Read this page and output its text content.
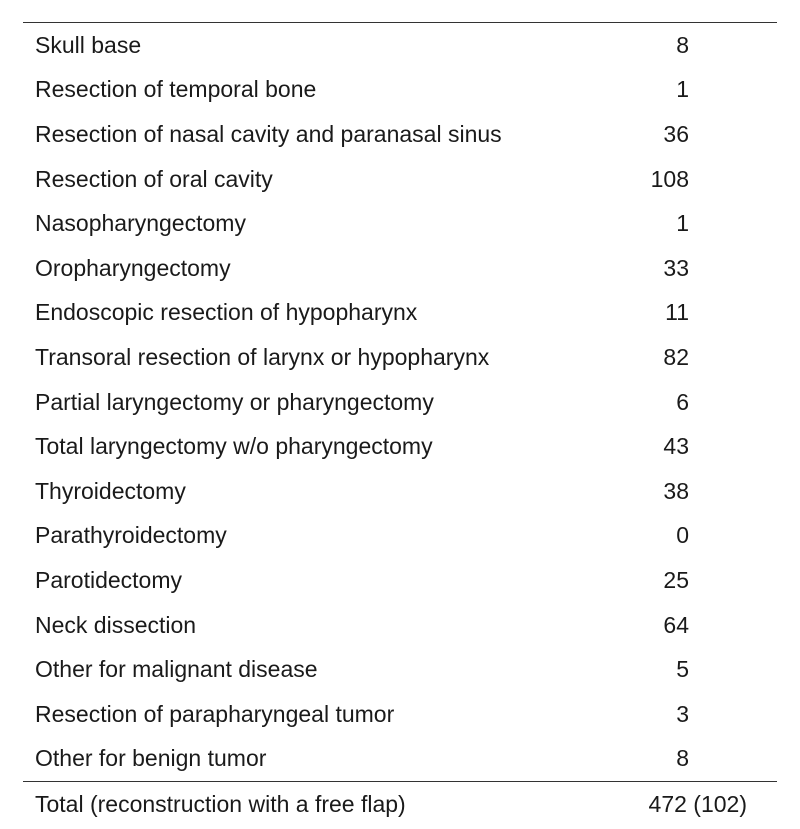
Skull base	8
Resection of temporal bone	1
Resection of nasal cavity and paranasal sinus	36
Resection of oral cavity	108
Nasopharyngectomy	1
Oropharyngectomy	33
Endoscopic resection of hypopharynx	11
Transoral resection of larynx or hypopharynx	82
Partial laryngectomy or pharyngectomy	6
Total laryngectomy w/o pharyngectomy	43
Thyroidectomy	38
Parathyroidectomy	0
Parotidectomy	25
Neck dissection	64
Other for malignant disease	5
Resection of parapharyngeal tumor	3
Other for benign tumor	8
Total (reconstruction with a free flap)	472 (102)
